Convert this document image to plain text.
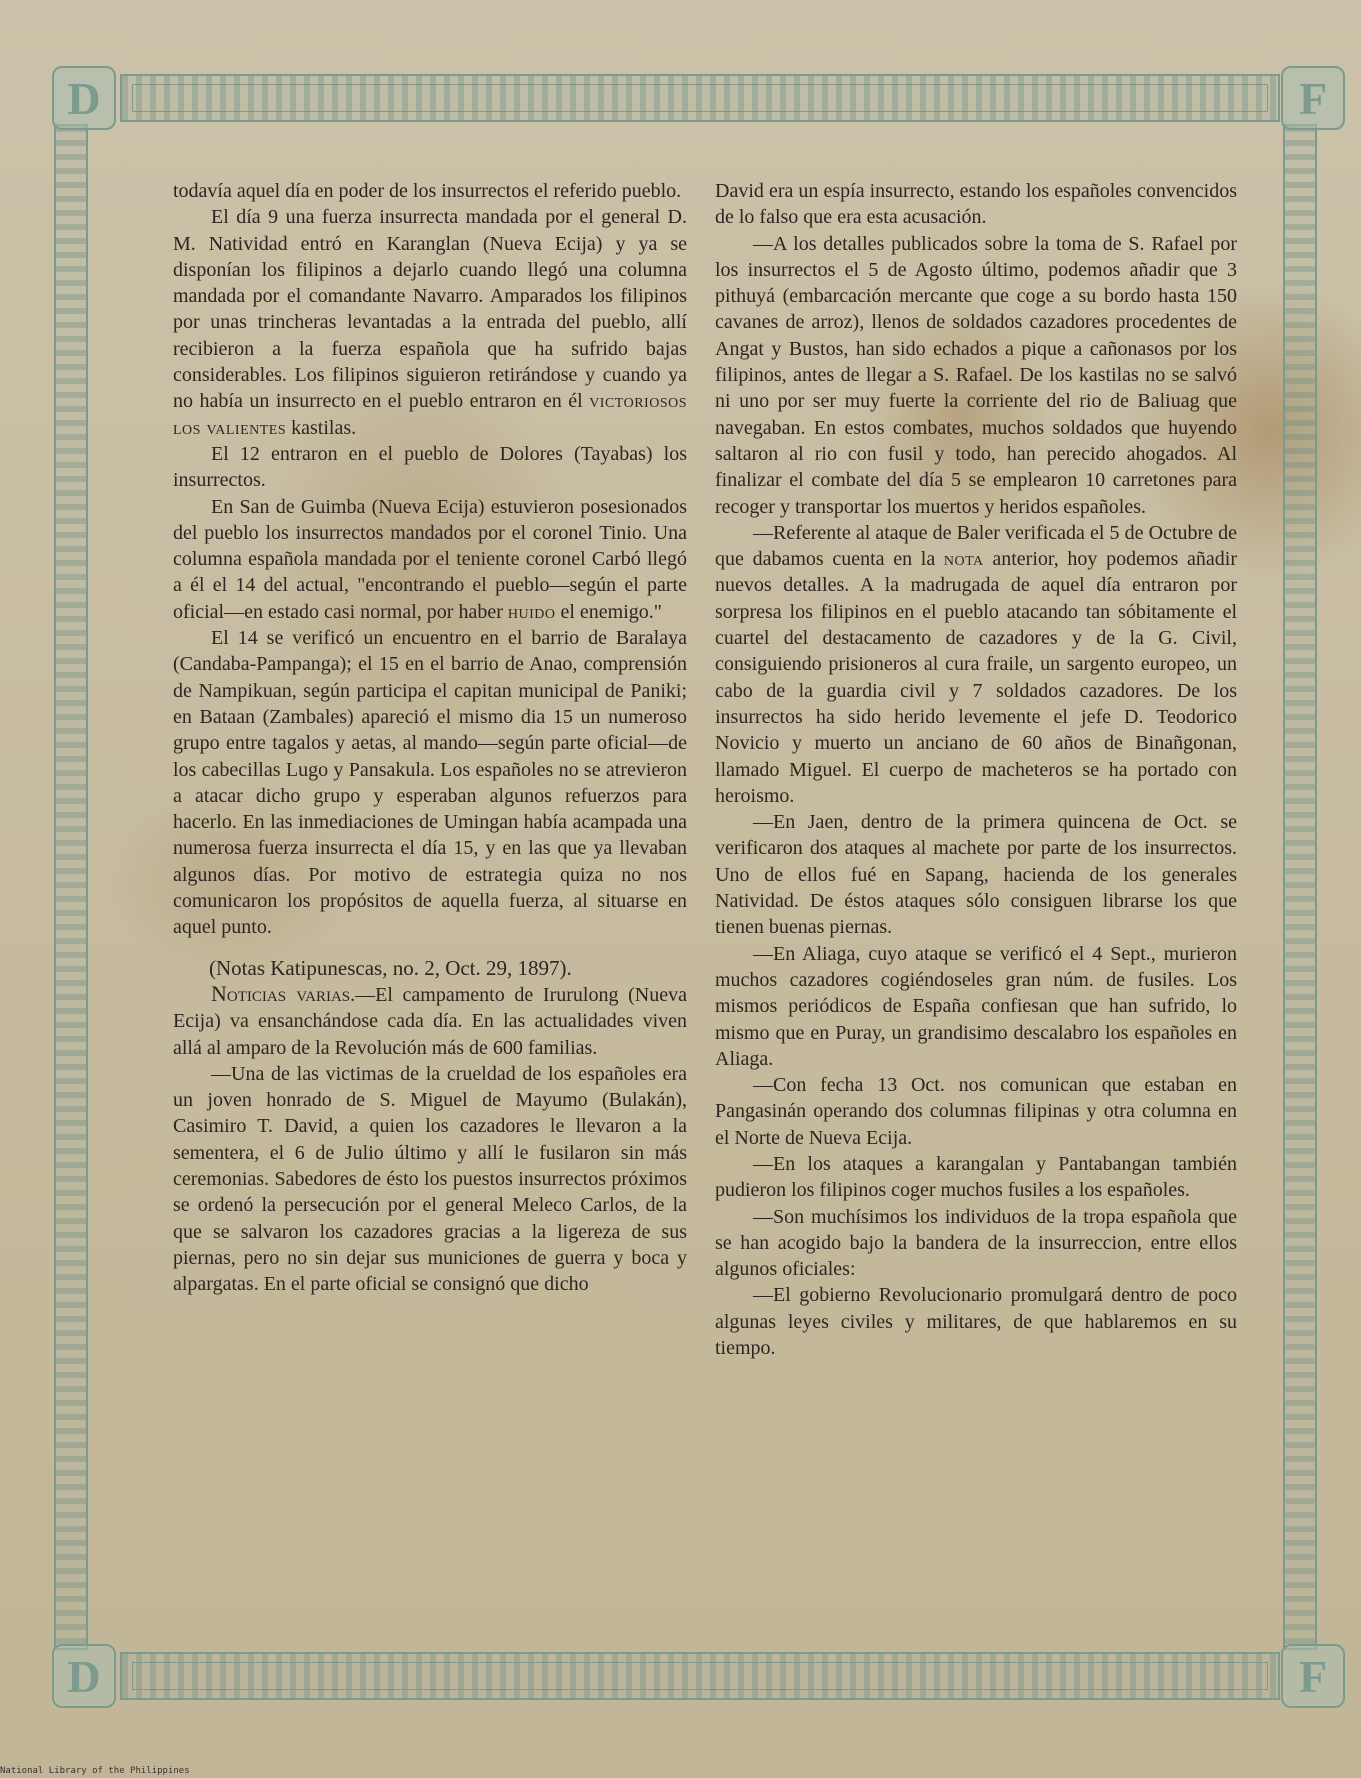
D	F
D	F

todavía aquel día en poder de los insurrectos el referido pueblo.

El día 9 una fuerza insurrecta mandada por el general D. M. Natividad entró en Karanglan (Nueva Ecija) y ya se disponían los filipinos a dejarlo cuando llegó una columna mandada por el comandante Navarro. Amparados los filipinos por unas trincheras levantadas a la entrada del pueblo, allí recibieron a la fuerza española que ha sufrido bajas considerables. Los filipinos siguieron retirándose y cuando ya no había un insurrecto en el pueblo entraron en él victoriosos los valientes kastilas.

El 12 entraron en el pueblo de Dolores (Tayabas) los insurrectos.

En San de Guimba (Nueva Ecija) estuvieron posesionados del pueblo los insurrectos mandados por el coronel Tinio. Una columna española mandada por el teniente coronel Carbó llegó a él el 14 del actual, "encontrando el pueblo—según el parte oficial—en estado casi normal, por haber huido el enemigo."

El 14 se verificó un encuentro en el barrio de Baralaya (Candaba-Pampanga); el 15 en el barrio de Anao, comprensión de Nampikuan, según participa el capitan municipal de Paniki; en Bataan (Zambales) apareció el mismo dia 15 un numeroso grupo entre tagalos y aetas, al mando—según parte oficial—de los cabecillas Lugo y Pansakula. Los españoles no se atrevieron a atacar dicho grupo y esperaban algunos refuerzos para hacerlo. En las inmediaciones de Umingan había acampada una numerosa fuerza insurrecta el día 15, y en las que ya llevaban algunos días. Por motivo de estrategia quiza no nos comunicaron los propósitos de aquella fuerza, al situarse en aquel punto.

(Notas Katipunescas, no. 2, Oct. 29, 1897).

Noticias varias.—El campamento de Irurulong (Nueva Ecija) va ensanchándose cada día. En las actualidades viven allá al amparo de la Revolución más de 600 familias.

—Una de las victimas de la crueldad de los españoles era un joven honrado de S. Miguel de Mayumo (Bulakán), Casimiro T. David, a quien los cazadores le llevaron a la sementera, el 6 de Julio último y allí le fusilaron sin más ceremonias. Sabedores de ésto los puestos insurrectos próximos se ordenó la persecución por el general Meleco Carlos, de la que se salvaron los cazadores gracias a la ligereza de sus piernas, pero no sin dejar sus municiones de guerra y boca y alpargatas. En el parte oficial se consignó que dicho

David era un espía insurrecto, estando los españoles convencidos de lo falso que era esta acusación.

—A los detalles publicados sobre la toma de S. Rafael por los insurrectos el 5 de Agosto último, podemos añadir que 3 pithuyá (embarcación mercante que coge a su bordo hasta 150 cavanes de arroz), llenos de soldados cazadores procedentes de Angat y Bustos, han sido echados a pique a cañonasos por los filipinos, antes de llegar a S. Rafael. De los kastilas no se salvó ni uno por ser muy fuerte la corriente del rio de Baliuag que navegaban. En estos combates, muchos soldados que huyendo saltaron al rio con fusil y todo, han perecido ahogados. Al finalizar el combate del día 5 se emplearon 10 carretones para recoger y transportar los muertos y heridos españoles.

—Referente al ataque de Baler verificada el 5 de Octubre de que dabamos cuenta en la nota anterior, hoy podemos añadir nuevos detalles. A la madrugada de aquel día entraron por sorpresa los filipinos en el pueblo atacando tan sóbitamente el cuartel del destacamento de cazadores y de la G. Civil, consiguiendo prisioneros al cura fraile, un sargento europeo, un cabo de la guardia civil y 7 soldados cazadores. De los insurrectos ha sido herido levemente el jefe D. Teodorico Novicio y muerto un anciano de 60 años de Binañgonan, llamado Miguel. El cuerpo de macheteros se ha portado con heroismo.

—En Jaen, dentro de la primera quincena de Oct. se verificaron dos ataques al machete por parte de los insurrectos. Uno de ellos fué en Sapang, hacienda de los generales Natividad. De éstos ataques sólo consiguen librarse los que tienen buenas piernas.

—En Aliaga, cuyo ataque se verificó el 4 Sept., murieron muchos cazadores cogiéndoseles gran núm. de fusiles. Los mismos periódicos de España confiesan que han sufrido, lo mismo que en Puray, un grandisimo descalabro los españoles en Aliaga.

—Con fecha 13 Oct. nos comunican que estaban en Pangasinán operando dos columnas filipinas y otra columna en el Norte de Nueva Ecija.

—En los ataques a karangalan y Pantabangan también pudieron los filipinos coger muchos fusiles a los españoles.

—Son muchísimos los individuos de la tropa española que se han acogido bajo la bandera de la insurreccion, entre ellos algunos oficiales:

—El gobierno Revolucionario promulgará dentro de poco algunas leyes civiles y militares, de que hablaremos en su tiempo.

National Library of the Philippines
